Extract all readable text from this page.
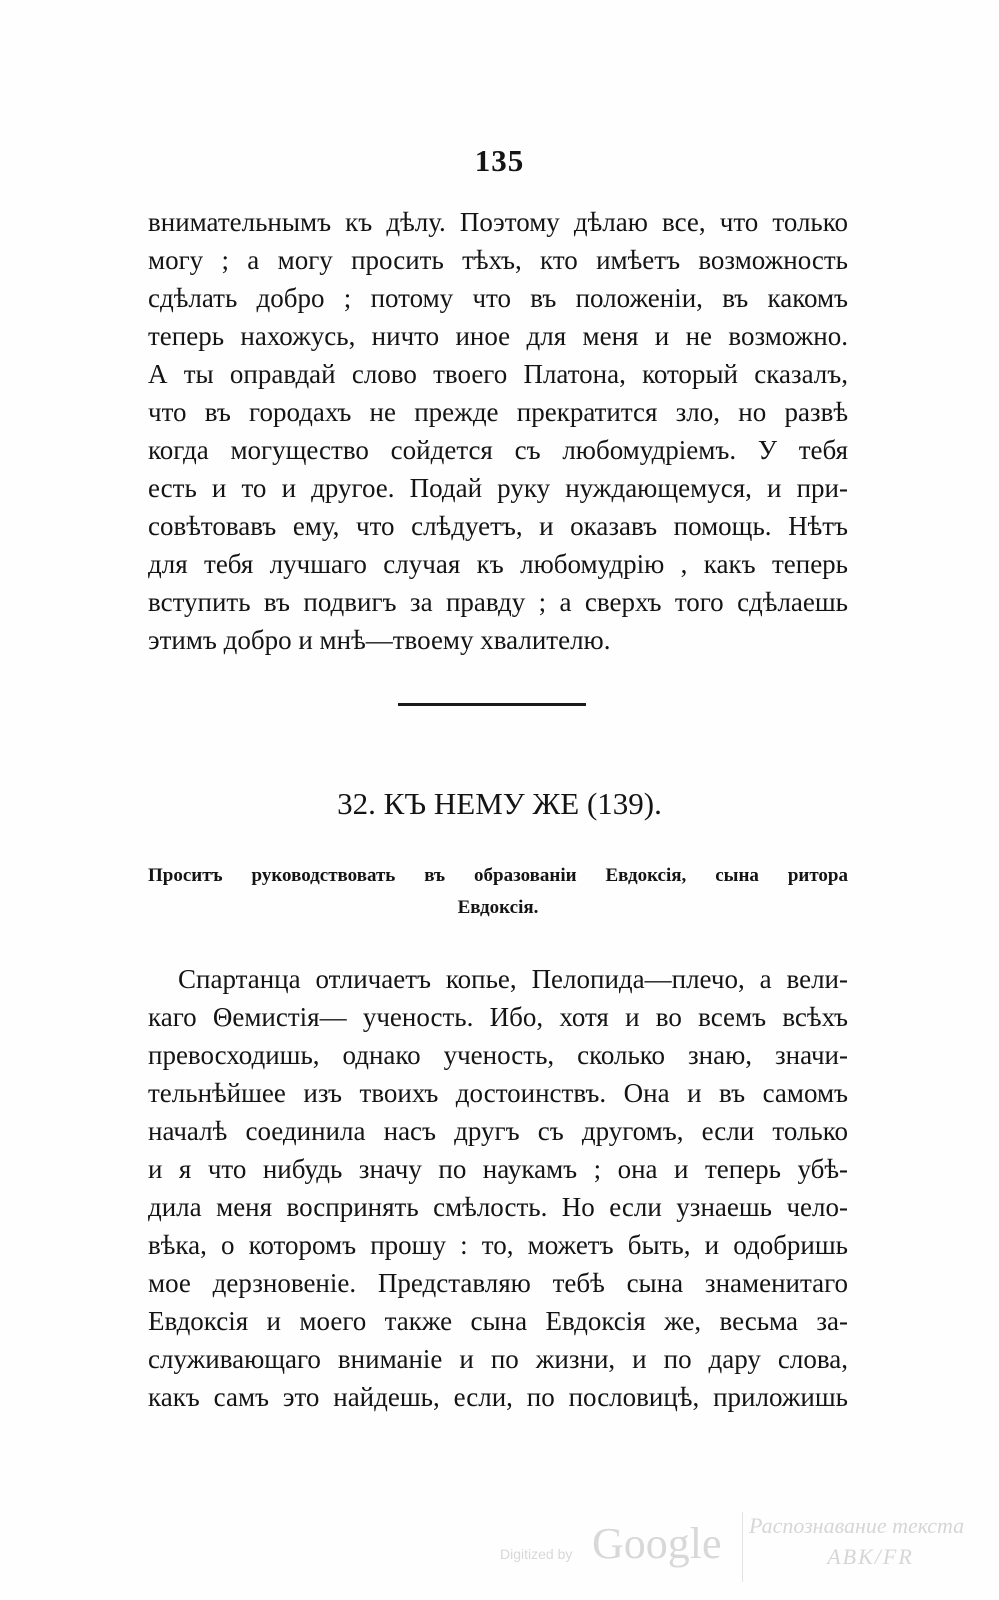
135
внимательнымъ къ дѣлу. Поэтому дѣлаю все, что только
могу ; а могу просить тѣхъ, кто имѣетъ возможность
сдѣлать добро ; потому что въ положеніи, въ какомъ
теперь нахожусь, ничто иное для меня и не возможно.
А ты оправдай слово твоего Платона, который сказалъ,
что въ городахъ не прежде прекратится зло, но развѣ
когда могущество сойдется съ любомудріемъ. У тебя
есть и то и другое. Подай руку нуждающемуся, и при-
совѣтовавъ ему, что слѣдуетъ, и оказавъ помощь. Нѣтъ
для тебя лучшаго случая къ любомудрію , какъ теперь
вступить въ подвигъ за правду ; а сверхъ того сдѣлаешь
этимъ добро и мнѣ—твоему хвалителю.
32. КЪ НЕМУ ЖЕ (139).
Проситъ руководствовать въ образованіи Евдоксія, сына ритора
Евдоксія.
Спартанца отличаетъ копье, Пелопида—плечо, а вели-
каго Θемистія— ученость. Ибо, хотя и во всемъ всѣхъ
превосходишь, однако ученость, сколько знаю, значи-
тельнѣйшее изъ твоихъ достоинствъ. Она и въ самомъ
началѣ соединила насъ другъ съ другомъ, если только
и я что нибудь значу по наукамъ ; она и теперь убѣ-
дила меня воспринять смѣлость. Но если узнаешь чело-
вѣка, о которомъ прошу : то, можетъ быть, и одобришь
мое дерзновеніе. Представляю тебѣ сына знаменитаго
Евдоксія и моего также сына Евдоксія же, весьма за-
служивающаго вниманіе и по жизни, и по дару слова,
какъ самъ это найдешь, если, по пословицѣ, приложишь
Digitized by Google Распознавание текста
ABK/FR
